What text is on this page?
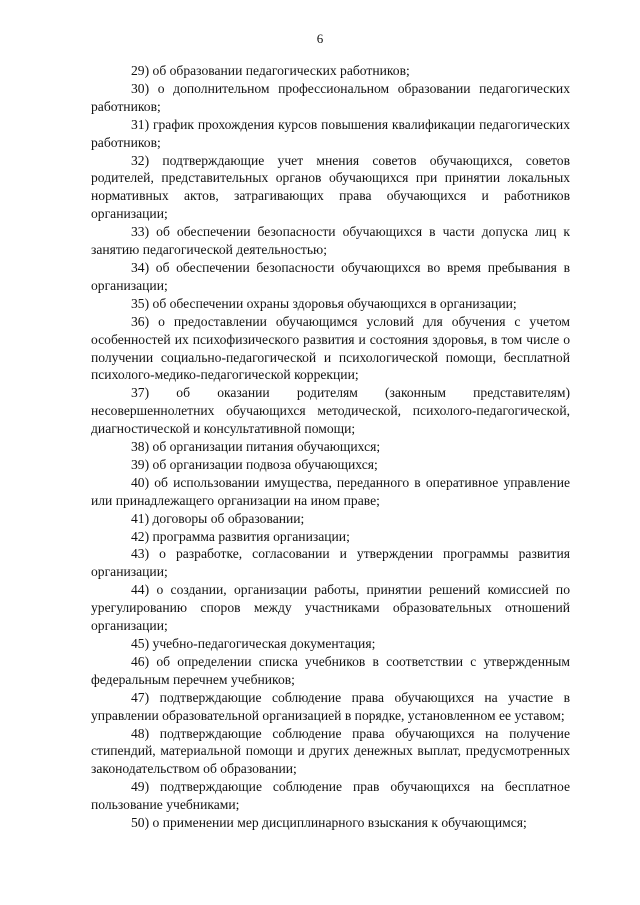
6

29) об образовании педагогических работников;

30) о дополнительном профессиональном образовании педагогических работников;

31) график прохождения курсов повышения квалификации педагогических работников;

32) подтверждающие учет мнения советов обучающихся, советов родителей, представительных органов обучающихся при принятии локальных нормативных актов, затрагивающих права обучающихся и работников организации;

33) об обеспечении безопасности обучающихся в части допуска лиц к занятию педагогической деятельностью;

34) об обеспечении безопасности обучающихся во время пребывания в организации;

35) об обеспечении охраны здоровья обучающихся в организации;

36) о предоставлении обучающимся условий для обучения с учетом особенностей их психофизического развития и состояния здоровья, в том числе о получении социально-педагогической и психологической помощи, бесплатной психолого-медико-педагогической коррекции;

37) об оказании родителям (законным представителям) несовершеннолетних обучающихся методической, психолого-педагогической, диагностической и консультативной помощи;

38) об организации питания обучающихся;

39) об организации подвоза обучающихся;

40) об использовании имущества, переданного в оперативное управление или принадлежащего организации на ином праве;

41) договоры об образовании;

42) программа развития организации;

43) о разработке, согласовании и утверждении программы развития организации;

44) о создании, организации работы, принятии решений комиссией по урегулированию споров между участниками образовательных отношений организации;

45) учебно-педагогическая документация;

46) об определении списка учебников в соответствии с утвержденным федеральным перечнем учебников;

47) подтверждающие соблюдение права обучающихся на участие в управлении образовательной организацией в порядке, установленном ее уставом;

48) подтверждающие соблюдение права обучающихся на получение стипендий, материальной помощи и других денежных выплат, предусмотренных законодательством об образовании;

49) подтверждающие соблюдение прав обучающихся на бесплатное пользование учебниками;

50) о применении мер дисциплинарного взыскания к обучающимся;
